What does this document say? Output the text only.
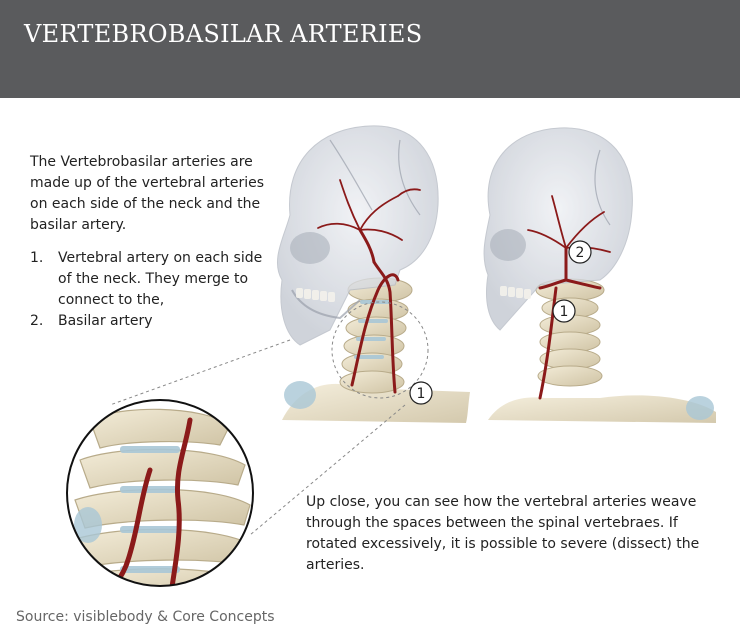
VERTEBROBASILAR ARTERIES
The Vertebrobasilar arteries are made up of the vertebral arteries on each side of the neck and the basilar artery.
1. Vertebral artery on each side of the neck. They merge to connect to the,
2. Basilar artery
1
2
1
Up close, you can see how the vertebral arteries weave through the spaces between the spinal vertebraes. If rotated excessively, it is possible to severe (dissect) the arteries.
Source: visiblebody & Core Concepts
